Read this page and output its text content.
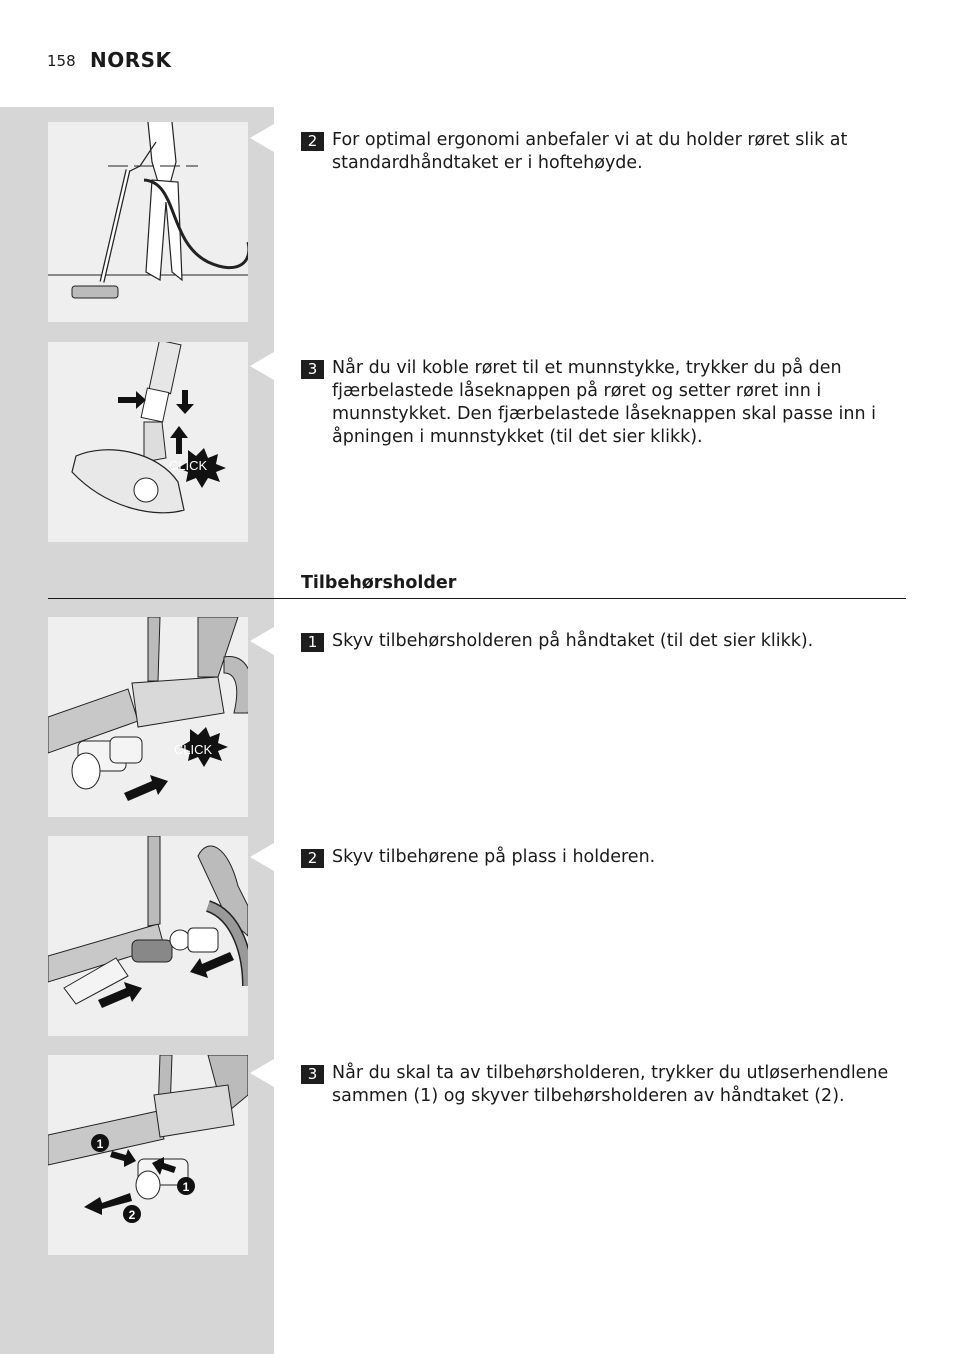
158 NORSK
CLICK
CLICK
1
1
2
2 For optimal ergonomi anbefaler vi at du holder røret slik at standardhåndtaket er i hoftehøyde.
3 Når du vil koble røret til et munnstykke, trykker du på den fjærbelastede låseknappen på røret og setter røret inn i munnstykket. Den fjærbelastede låseknappen skal passe inn i åpningen i munnstykket (til det sier klikk).
Tilbehørsholder
1 Skyv tilbehørsholderen på håndtaket (til det sier klikk).
2 Skyv tilbehørene på plass i holderen.
3 Når du skal ta av tilbehørsholderen, trykker du utløserhendlene sammen (1) og skyver tilbehørsholderen av håndtaket (2).
